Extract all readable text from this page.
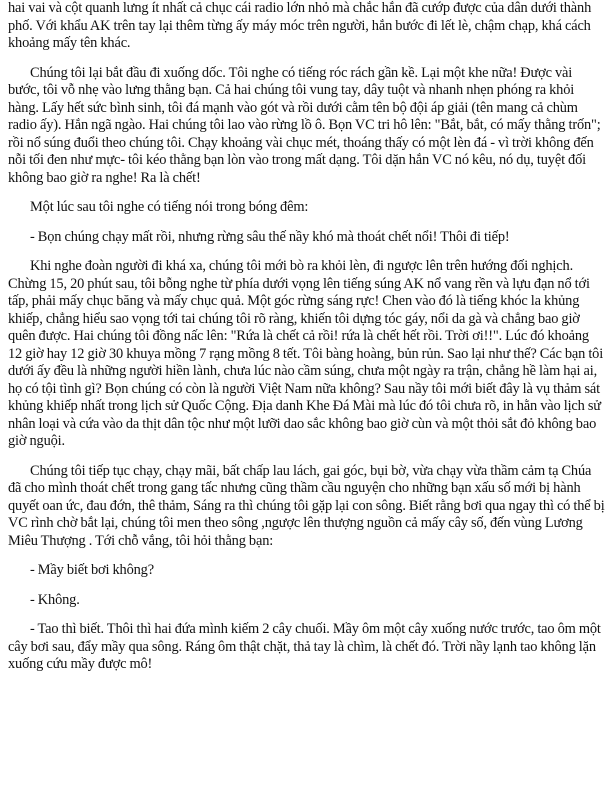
hai vai và cột quanh lưng ít nhất cả chục cái radio lớn nhỏ mà chắc hắn đã cướp được của dân dưới thành phố. Với khẩu AK trên tay lại thêm từng ấy máy móc trên người, hắn bước đi lết lè, chậm chạp, khá cách khoảng mấy tên khác.

Chúng tôi lại bắt đầu đi xuống dốc. Tôi nghe có tiếng róc rách gần kề. Lại một khe nữa! Được vài bước, tôi vỗ nhẹ vào lưng thằng bạn. Cả hai chúng tôi vung tay, dây tuột và nhanh nhẹn phóng ra khỏi hàng. Lấy hết sức bình sinh, tôi đá mạnh vào gót và rồi dưới cằm tên bộ đội áp giải (tên mang cả chùm radio ấy). Hắn ngã ngào. Hai chúng tôi lao vào rừng lồ ô. Bọn VC tri hô lên: "Bắt, bắt, có mấy thằng trốn"; rồi nổ súng đuổi theo chúng tôi. Chạy khoảng vài chục mét, thoáng thấy có một lèn đá - vì trời không đến nỗi tối đen như mực- tôi kéo thằng bạn lòn vào trong mất dạng. Tôi dặn hắn VC nó kêu, nó dụ, tuyệt đối không bao giờ ra nghe! Ra là chết!

Một lúc sau tôi nghe có tiếng nói trong bóng đêm:

- Bọn chúng chạy mất rồi, nhưng rừng sâu thế nầy khó mà thoát chết nổi! Thôi đi tiếp!

Khi nghe đoàn người đi khá xa, chúng tôi mới bò ra khỏi lèn, đi ngược lên trên hướng đối nghịch. Chừng 15, 20 phút sau, tôi bỗng nghe từ phía dưới vọng lên tiếng súng AK nổ vang rền và lựu đạn nổ tới tấp, phải mấy chục băng và mấy chục quả. Một góc rừng sáng rực! Chen vào đó là tiếng khóc la khủng khiếp, chẳng hiểu sao vọng tới tai chúng tôi rõ ràng, khiến tôi dựng tóc gáy, nổi da gà và chẳng bao giờ quên được. Hai chúng tôi đồng nấc lên: "Rứa là chết cả rồi! rứa là chết hết rồi. Trời ơi!!". Lúc đó khoảng 12 giờ hay 12 giờ 30 khuya mồng 7 rạng mồng 8 tết. Tôi bàng hoàng, bủn rủn. Sao lại như thế? Các bạn tôi dưới ấy đều là những người hiền lành, chưa lúc nào cầm súng, chưa một ngày ra trận, chẳng hề làm hại ai, họ có tội tình gì? Bọn chúng có còn là người Việt Nam nữa không? Sau nầy tôi mới biết đây là vụ thảm sát khủng khiếp nhất trong lịch sử Quốc Cộng. Địa danh Khe Đá Mài mà lúc đó tôi chưa rõ, in hằn vào lịch sử nhân loại và cứa vào da thịt dân tộc như một lưỡi dao sắc không bao giờ cùn và một thỏi sắt đỏ không bao giờ nguội.

Chúng tôi tiếp tục chạy, chạy mãi, bất chấp lau lách, gai góc, bụi bờ, vừa chạy vừa thầm cảm tạ Chúa đã cho mình thoát chết trong gang tấc nhưng cũng thầm cầu nguyện cho những bạn xấu số mới bị hành quyết oan ức, đau đớn, thê thảm, Sáng ra thì chúng tôi gặp lại con sông. Biết rằng bơi qua ngay thì có thể bị VC rình chờ bắt lại, chúng tôi men theo sông ,ngược lên thượng nguồn cả mấy cây số, đến vùng Lương Miêu Thượng . Tới chỗ vắng, tôi hỏi thằng bạn:

- Mầy biết bơi không?

- Không.

- Tao thì biết. Thôi thì hai đứa mình kiếm 2 cây chuối. Mầy ôm một cây xuống nước trước, tao ôm một cây bơi sau, đẩy mầy qua sông. Ráng ôm thật chặt, thả tay là chìm, là chết đó. Trời nầy lạnh tao không lặn xuống cứu mầy được mô!
